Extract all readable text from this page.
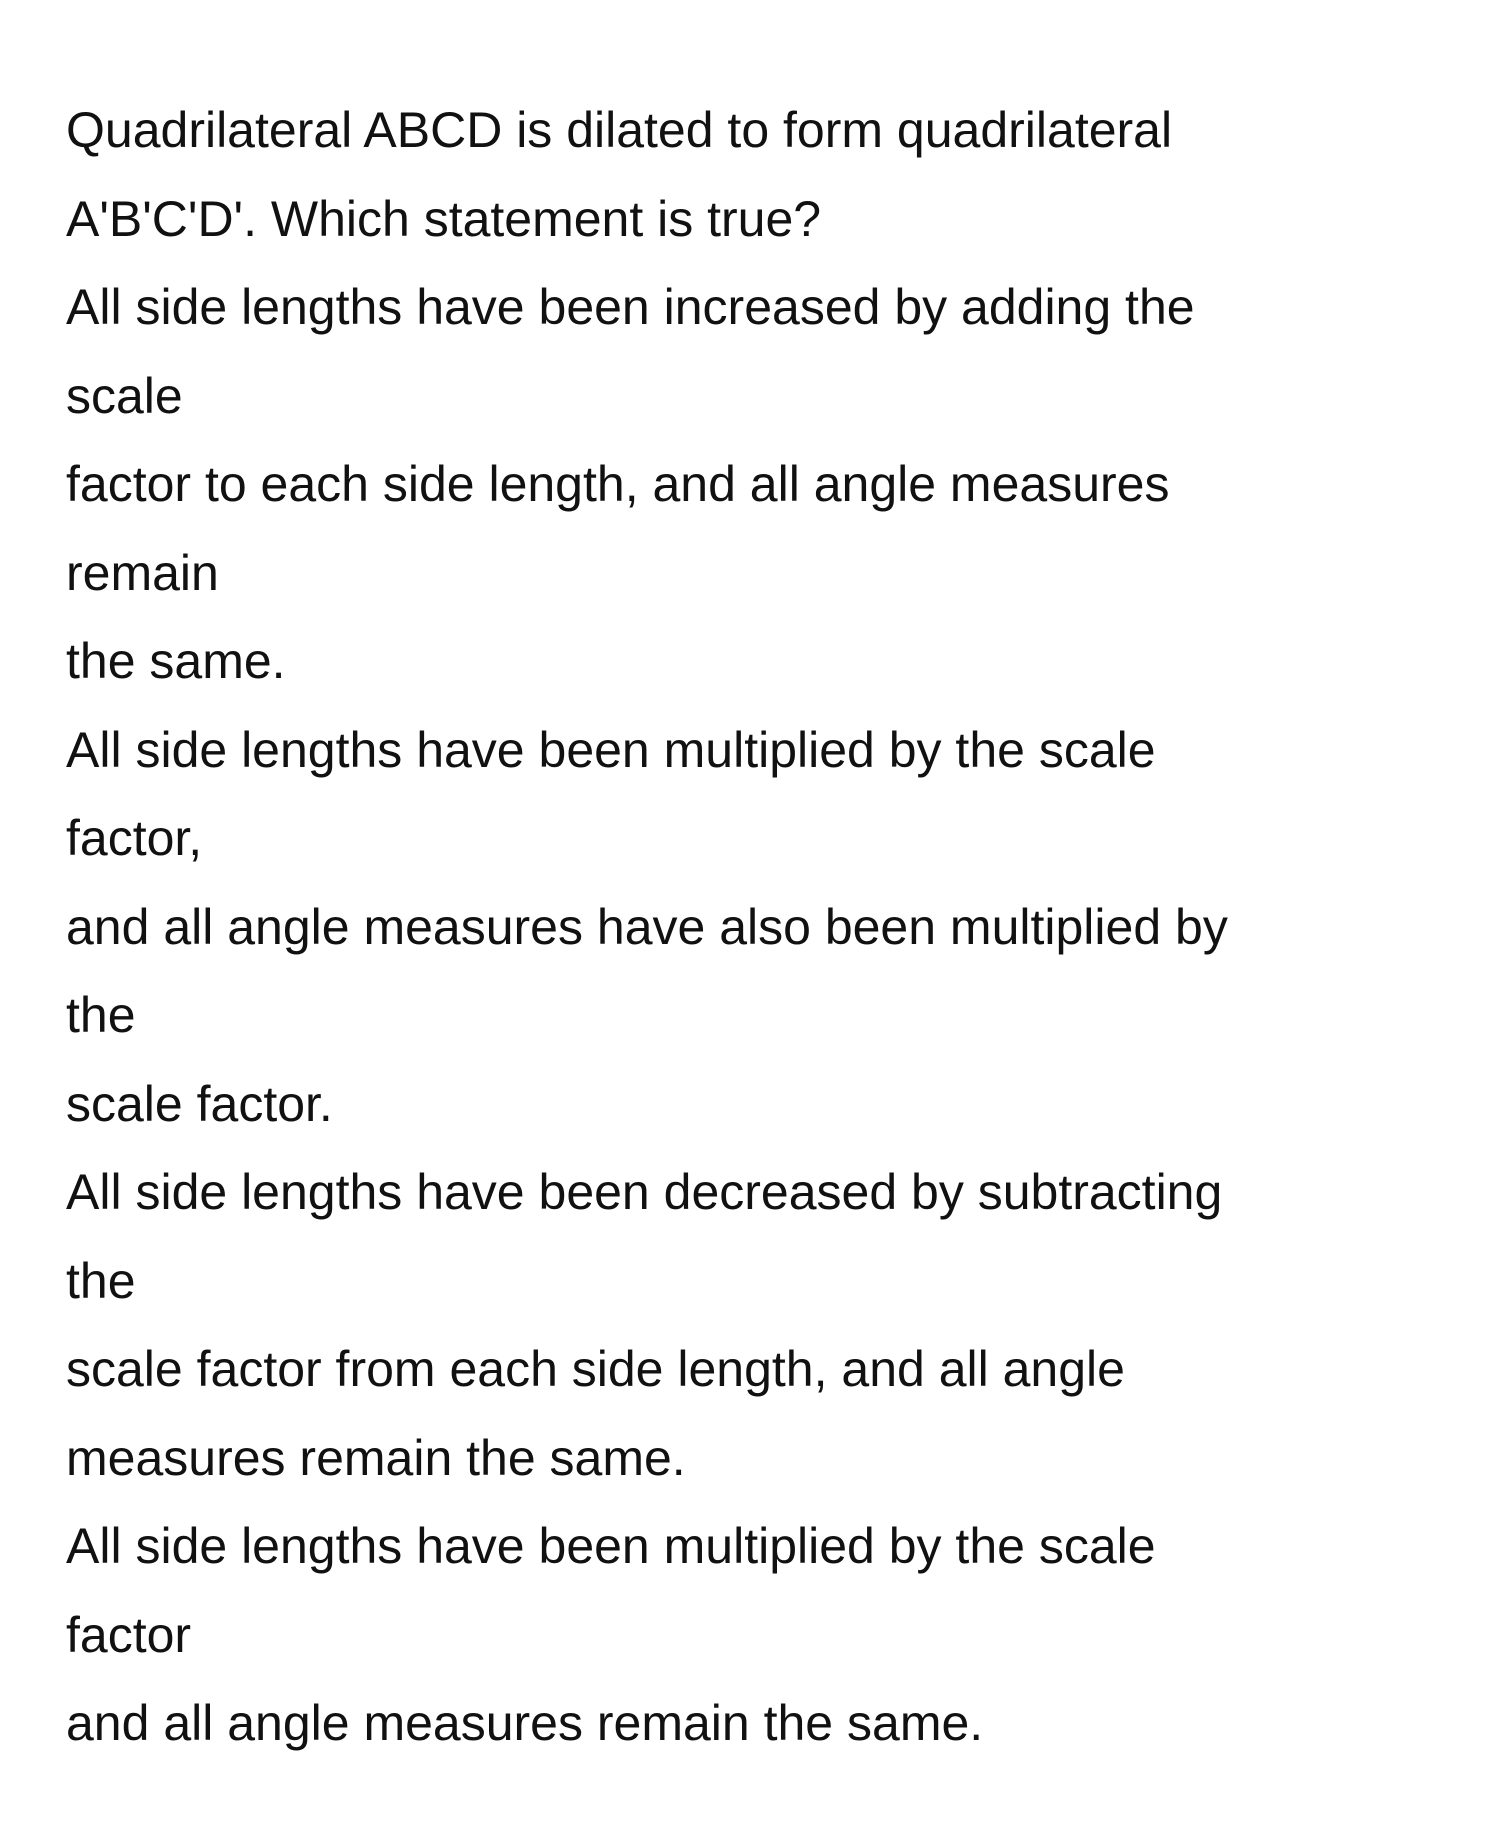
Quadrilateral ABCD is dilated to form quadrilateral
A'B'C'D'. Which statement is true?
All side lengths have been increased by adding the
scale
factor to each side length, and all angle measures
remain
the same.
All side lengths have been multiplied by the scale
factor,
and all angle measures have also been multiplied by
the
scale factor.
All side lengths have been decreased by subtracting
the
scale factor from each side length, and all angle
measures remain the same.
All side lengths have been multiplied by the scale
factor
and all angle measures remain the same.
